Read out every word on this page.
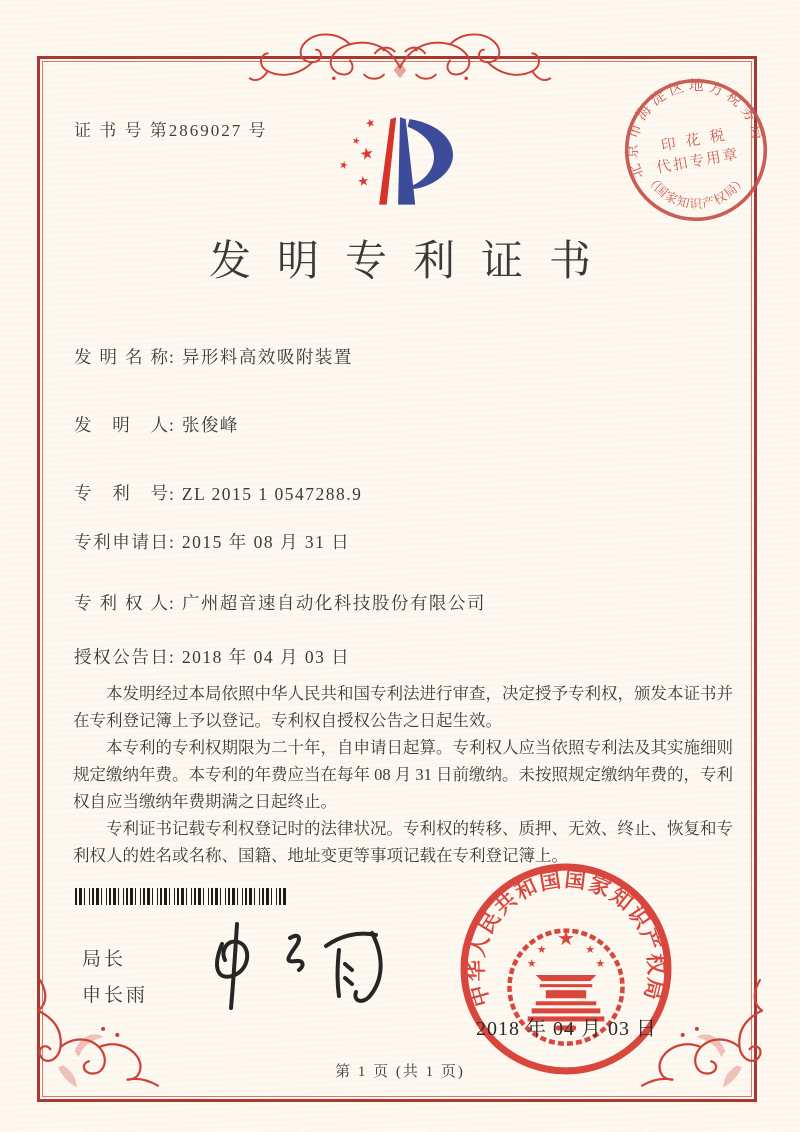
证 书 号 第2869027 号	★
★
★
★
★
北京市海淀区地方税务局
（国家知识产权局）
印 花 税
代扣专用章
发明专利证书
发明名称: 异形料高效吸附装置
发明人: 张俊峰
专利号: ZL 2015 1 0547288.9
专利申请日: 2015 年 08 月 31 日
专利权人: 广州超音速自动化科技股份有限公司
授权公告日: 2018 年 04 月 03 日

本发明经过本局依照中华人民共和国专利法进行审查，决定授予专利权，颁发本证书并在专利登记簿上予以登记。专利权自授权公告之日起生效。

本专利的专利权期限为二十年，自申请日起算。专利权人应当依照专利法及其实施细则规定缴纳年费。本专利的年费应当在每年 08 月 31 日前缴纳。未按照规定缴纳年费的，专利权自应当缴纳年费期满之日起终止。

专利证书记载专利权登记时的法律状况。专利权的转移、质押、无效、终止、恢复和专利权人的姓名或名称、国籍、地址变更等事项记载在专利登记簿上。

局长
申长雨	中华人民共和国国家知识产权局
★
★
★
★
★
2018 年 04 月 03 日
第 1 页 (共 1 页)
